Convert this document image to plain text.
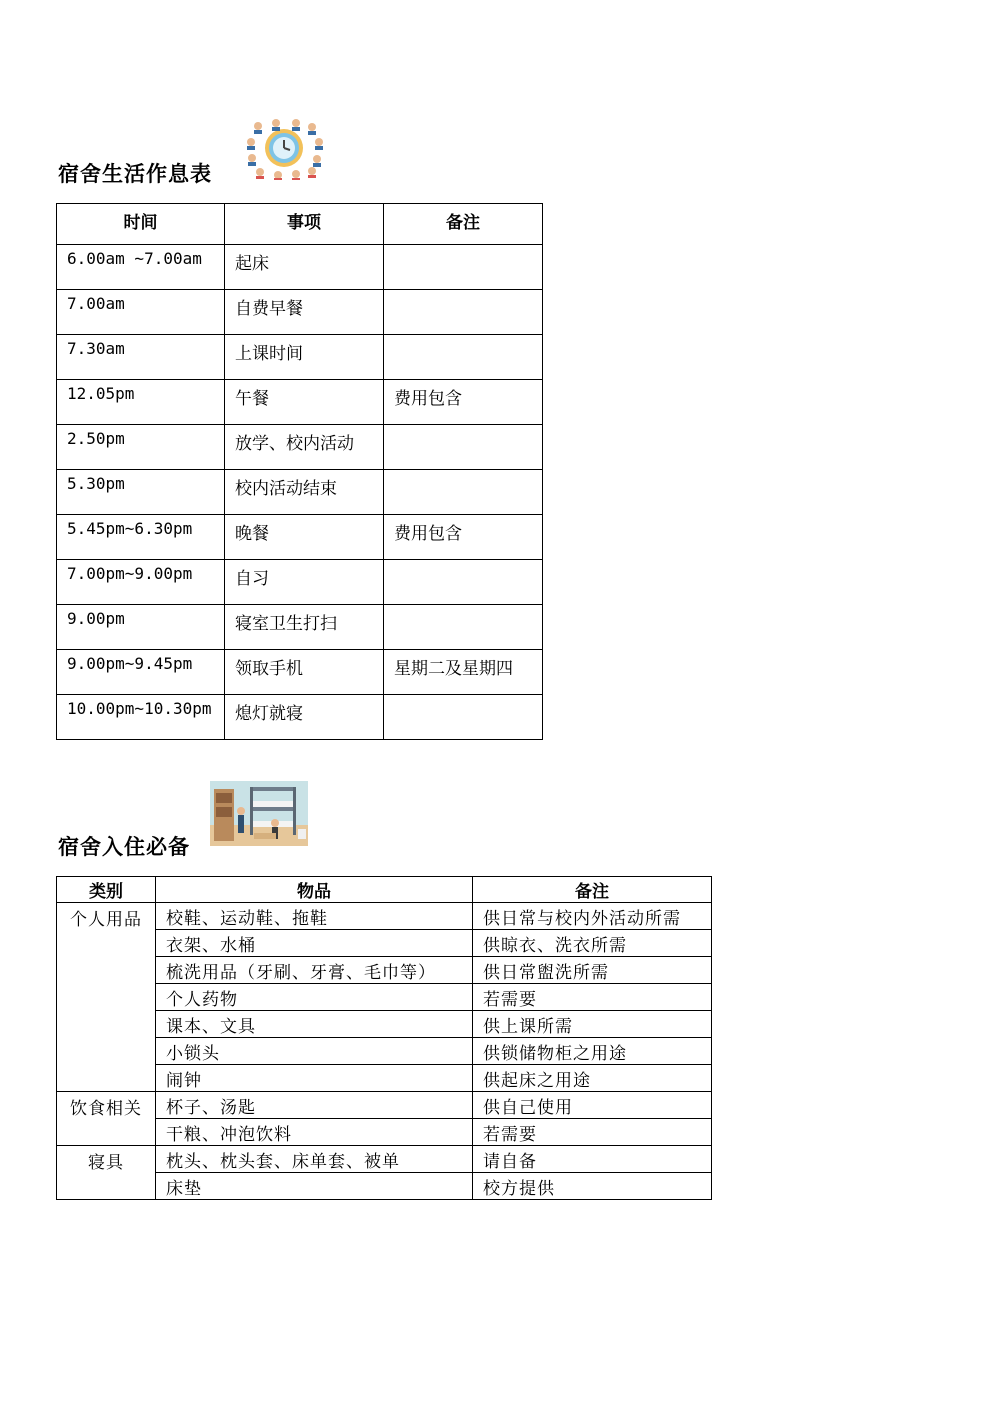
宿舍生活作息表
时间	事项	备注
6.00am ~7.00am	起床	
7.00am	自费早餐	
7.30am	上课时间	
12.05pm	午餐	费用包含
2.50pm	放学、校内活动	
5.30pm	校内活动结束	
5.45pm~6.30pm	晚餐	费用包含
7.00pm~9.00pm	自习	
9.00pm	寝室卫生打扫	
9.00pm~9.45pm	领取手机	星期二及星期四
10.00pm~10.30pm	熄灯就寝	
宿舍入住必备
类别	物品	备注
个人用品	校鞋、运动鞋、拖鞋	供日常与校内外活动所需
	衣架、水桶	供晾衣、洗衣所需
	梳洗用品（牙刷、牙膏、毛巾等）	供日常盥洗所需
	个人药物	若需要
	课本、文具	供上课所需
	小锁头	供锁储物柜之用途
	闹钟	供起床之用途
饮食相关	杯子、汤匙	供自己使用
	干粮、冲泡饮料	若需要
寝具	枕头、枕头套、床单套、被单	请自备
	床垫	校方提供
